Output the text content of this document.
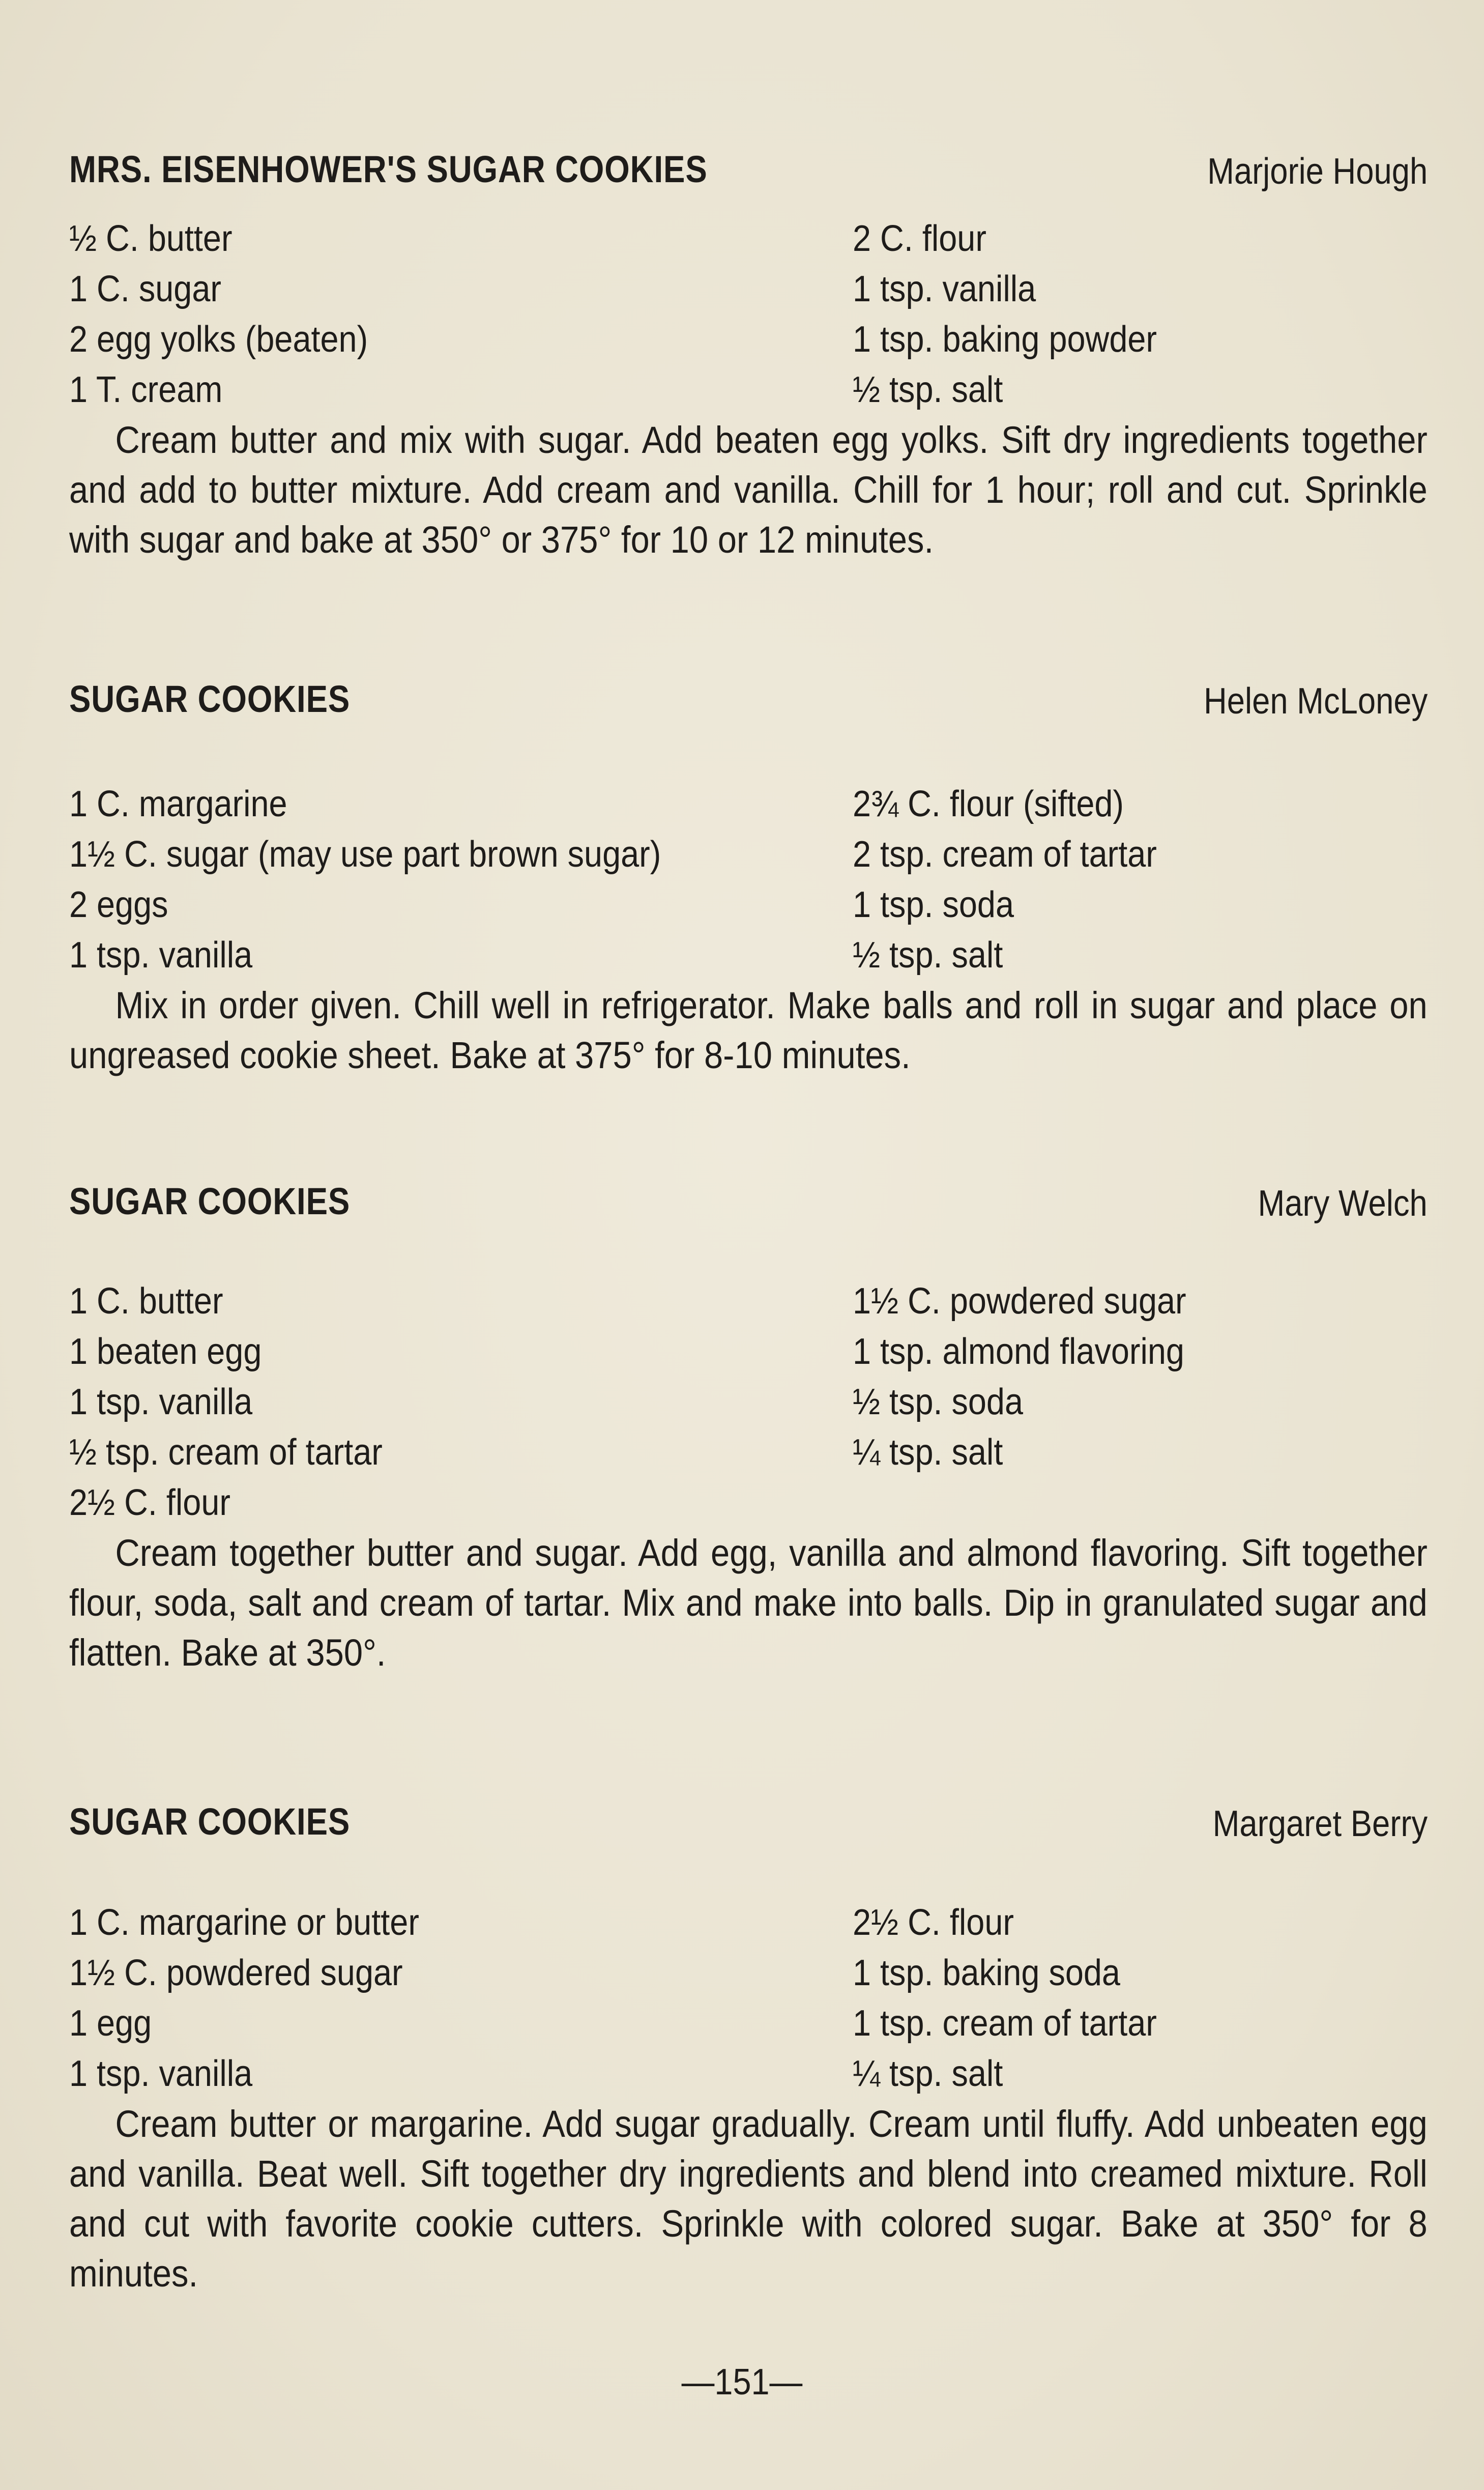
MRS. EISENHOWER'S SUGAR COOKIES	Marjorie Hough
½ C. butter	2 C. flour
1 C. sugar	1 tsp. vanilla
2 egg yolks (beaten)	1 tsp. baking powder
1 T. cream	½ tsp. salt

Cream butter and mix with sugar. Add beaten egg yolks. Sift dry ingredients together and add to butter mixture. Add cream and vanilla. Chill for 1 hour; roll and cut. Sprinkle with sugar and bake at 350° or 375° for 10 or 12 minutes.

SUGAR COOKIES	Helen McLoney
1 C. margarine	2¾ C. flour (sifted)
1½ C. sugar (may use part brown sugar)	2 tsp. cream of tartar
2 eggs	1 tsp. soda
1 tsp. vanilla	½ tsp. salt

Mix in order given. Chill well in refrigerator. Make balls and roll in sugar and place on ungreased cookie sheet. Bake at 375° for 8-10 minutes.

SUGAR COOKIES	Mary Welch
1 C. butter	1½ C. powdered sugar
1 beaten egg	1 tsp. almond flavoring
1 tsp. vanilla	½ tsp. soda
½ tsp. cream of tartar	¼ tsp. salt
2½ C. flour

Cream together butter and sugar. Add egg, vanilla and almond flavoring. Sift together flour, soda, salt and cream of tartar. Mix and make into balls. Dip in granulated sugar and flatten. Bake at 350°.

SUGAR COOKIES	Margaret Berry
1 C. margarine or butter	2½ C. flour
1½ C. powdered sugar	1 tsp. baking soda
1 egg	1 tsp. cream of tartar
1 tsp. vanilla	¼ tsp. salt

Cream butter or margarine. Add sugar gradually. Cream until fluffy. Add unbeaten egg and vanilla. Beat well. Sift together dry ingredients and blend into creamed mixture. Roll and cut with favorite cookie cutters. Sprinkle with colored sugar. Bake at 350° for 8 minutes.

—151—
